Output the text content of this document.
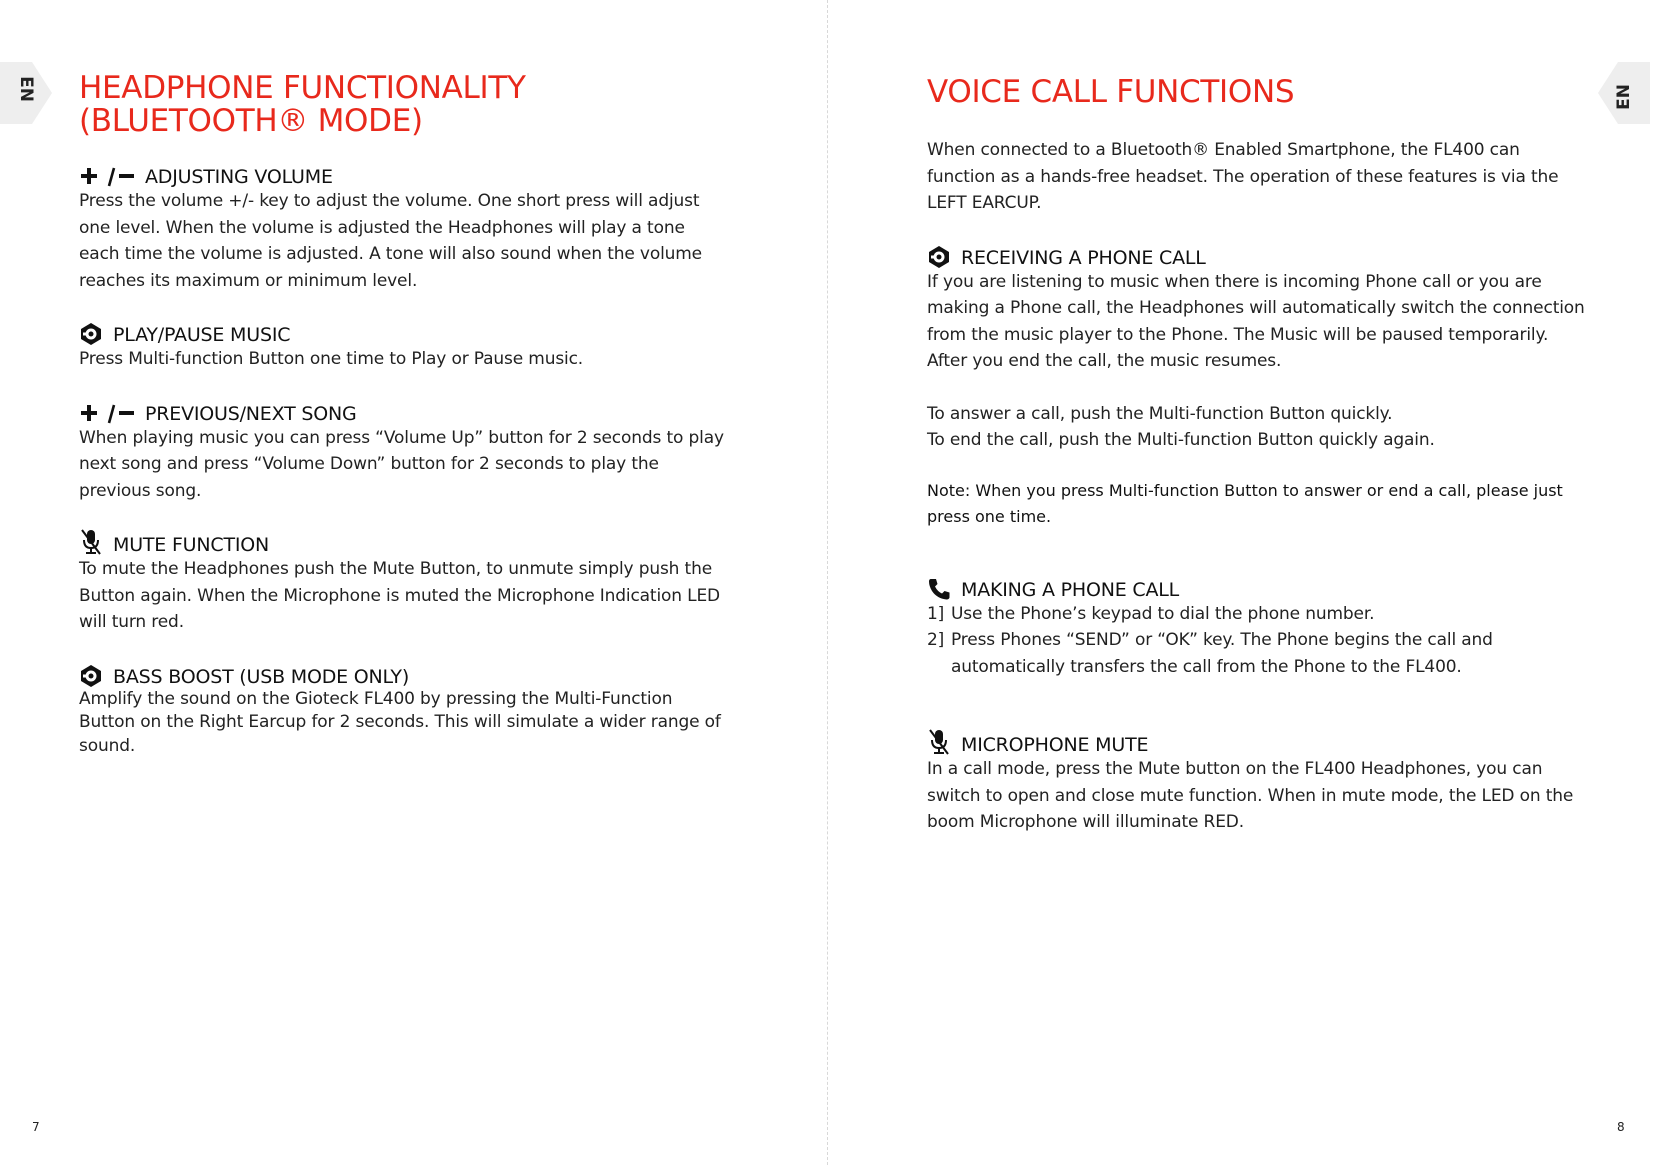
EN	HEADPHONE FUNCTIONALITY (BLUETOOTH® MODE)
ADJUSTING VOLUME

Press the volume +/- key to adjust the volume. One short press will adjust one level. When the volume is adjusted the Headphones will play a tone each time the volume is adjusted. A tone will also sound when the volume reaches its maximum or minimum level.

PLAY/PAUSE MUSIC

Press Multi-function Button one time to Play or Pause music.

PREVIOUS/NEXT SONG

When playing music you can press “Volume Up” button for 2 seconds to play next song and press “Volume Down” button for 2 seconds to play the previous song.

MUTE FUNCTION

To mute the Headphones push the Mute Button, to unmute simply push the Button again. When the Microphone is muted the Microphone Indication LED will turn red.

BASS BOOST (USB MODE ONLY)

Amplify the sound on the Gioteck FL400 by pressing the Multi-Function Button on the Right Earcup for 2 seconds. This will simulate a wider range of sound.

7
EN
VOICE CALL FUNCTIONS

When connected to a Bluetooth® Enabled Smartphone, the FL400 can function as a hands-free headset. The operation of these features is via the LEFT EARCUP.

RECEIVING A PHONE CALL

If you are listening to music when there is incoming Phone call or you are making a Phone call, the Headphones will automatically switch the connection from the music player to the Phone. The Music will be paused temporarily. After you end the call, the music resumes.

To answer a call, push the Multi-function Button quickly.

To end the call, push the Multi-function Button quickly again.

Note: When you press Multi-function Button to answer or end a call, please just press one time.

MAKING A PHONE CALL
1] Use the Phone’s keypad to dial the phone number.
2] Press Phones “SEND” or “OK” key. The Phone begins the call and automatically transfers the call from the Phone to the FL400.
MICROPHONE MUTE

In a call mode, press the Mute button on the FL400 Headphones, you can switch to open and close mute function. When in mute mode, the LED on the boom Microphone will illuminate RED.

8
